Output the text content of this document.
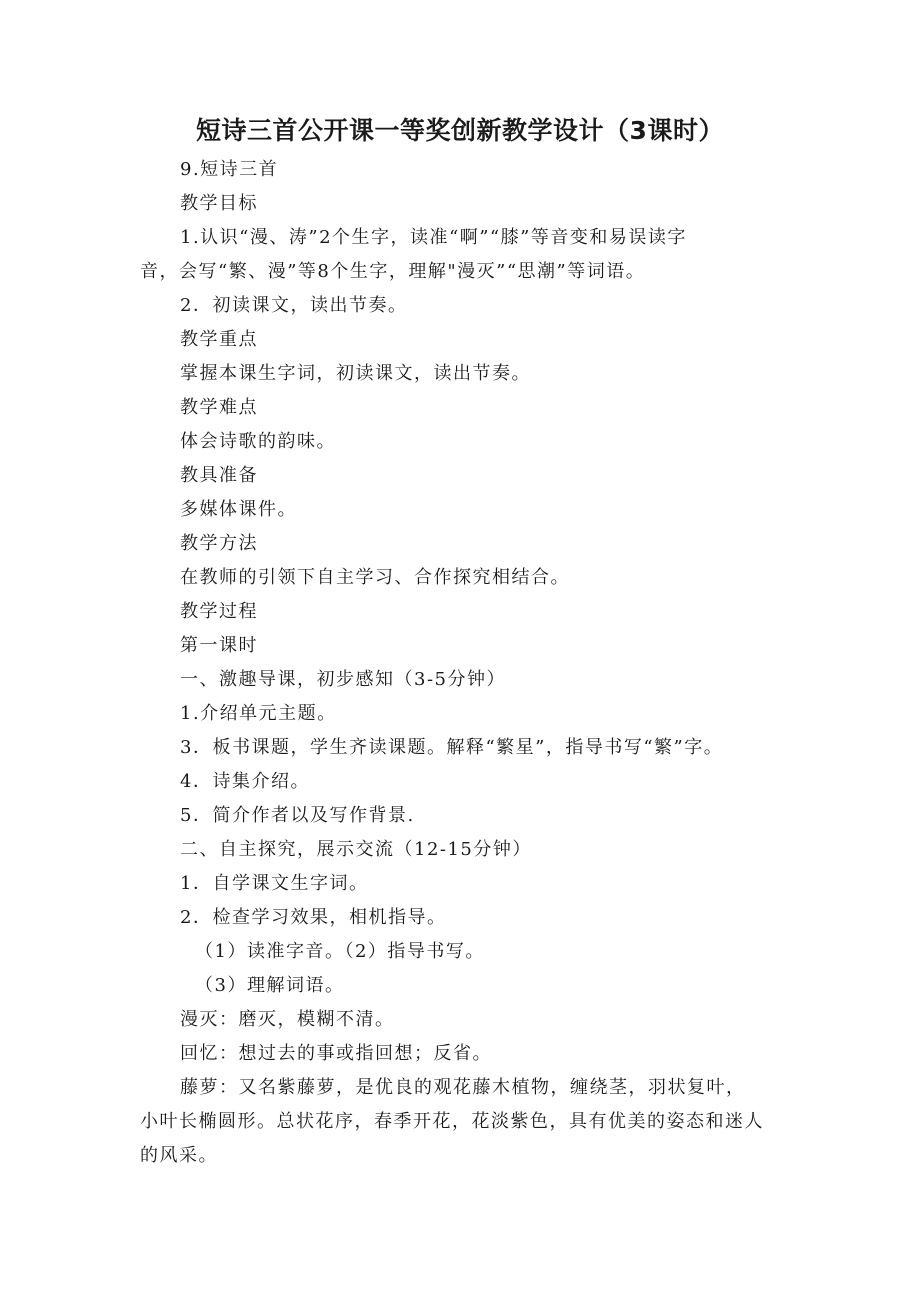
短诗三首公开课一等奖创新教学设计（3课时）
9.短诗三首
教学目标
1.认识“漫、涛”2个生字，读准“啊”“膝”等音变和易误读字
音，会写“繁、漫”等8个生字，理解"漫灭”“思潮”等词语。
2．初读课文，读出节奏。
教学重点
掌握本课生字词，初读课文，读出节奏。
教学难点
体会诗歌的韵味。
教具准备
多媒体课件。
教学方法
在教师的引领下自主学习、合作探究相结合。
教学过程
第一课时
一、激趣导课，初步感知（3-5分钟）
1.介绍单元主题。
3．板书课题，学生齐读课题。解释“繁星”，指导书写“繁”字。
4．诗集介绍。
5．简介作者以及写作背景.
二、自主探究，展示交流（12-15分钟）
1．自学课文生字词。
2．检查学习效果，相机指导。
（1）读准字音。（2）指导书写。
（3）理解词语。
漫灭：磨灭，模糊不清。
回忆：想过去的事或指回想；反省。
藤萝：又名紫藤萝，是优良的观花藤木植物，缠绕茎，羽状复叶，
小叶长椭圆形。总状花序，春季开花，花淡紫色，具有优美的姿态和迷人
的风采。
